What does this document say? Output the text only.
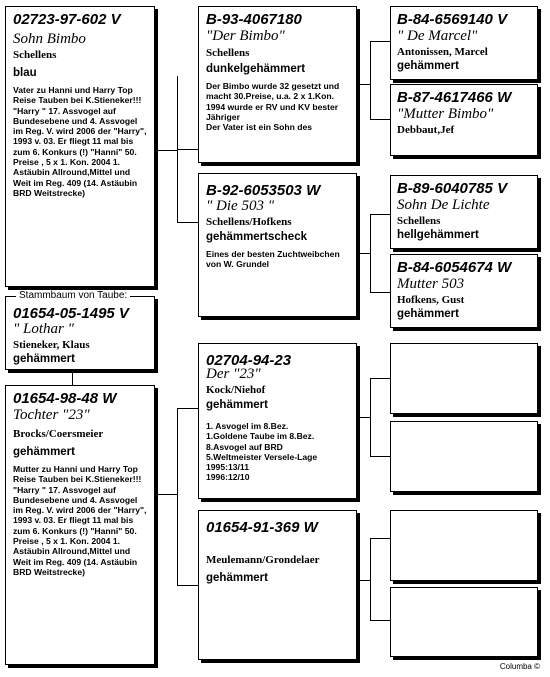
02723-97-602 V
Sohn Bimbo
Schellens
blau
Vater zu Hanni und Harry Top Reise Tauben bei K.Stieneker!!! "Harry " 17. Assvogel auf Bundesebene und 4. Assvogel im Reg. V. wird 2006 der "Harry", 1993 v. 03. Er fliegt 11 mal bis zum 6. Konkurs (!) "Hanni" 50. Preise , 5 x 1. Kon. 2004 1. Astäubin Allround,Mittel und Weit im Reg. 409 (14. Astäubin BRD Weitstrecke)
01654-05-1495 V
" Lothar "
Stieneker, Klaus
gehämmert
Stammbaum von Taube:
01654-98-48 W
Tochter "23"
Brocks/Coersmeier
gehämmert
Mutter zu Hanni und Harry Top Reise Tauben bei K.Stieneker!!! "Harry " 17. Assvogel auf Bundesebene und 4. Assvogel im Reg. V. wird 2006 der "Harry", 1993 v. 03. Er fliegt 11 mal bis zum 6. Konkurs (!) "Hanni" 50. Preise , 5 x 1. Kon. 2004 1. Astäubin Allround,Mittel und Weit im Reg. 409 (14. Astäubin BRD Weitstrecke)
B-93-4067180
"Der Bimbo"
Schellens
dunkelgehämmert
Der Bimbo wurde 32 gesetzt und macht 30.Preise, u.a. 2 x 1.Kon.
1994 wurde er RV und KV bester Jähriger
Der Vater ist ein Sohn des
B-92-6053503 W
" Die 503 "
Schellens/Hofkens
gehämmertscheck
Eines der besten Zuchtweibchen von W. Grundel
02704-94-23
Der "23"
Kock/Niehof
gehämmert
1. Asvogel im 8.Bez.
1.Goldene Taube im 8.Bez.
8.Asvogel auf BRD
5.Weltmeister Versele-Lage
1995:13/11
1996:12/10
01654-91-369 W
Meulemann/Grondelaer
gehämmert
B-84-6569140 V
" De Marcel"
Antonissen, Marcel
gehämmert
B-87-4617466 W
"Mutter Bimbo"
Debbaut,Jef
B-89-6040785 V
Sohn De Lichte
Schellens
hellgehämmert
B-84-6054674 W
Mutter 503
Hofkens, Gust
gehämmert
Columba ©
